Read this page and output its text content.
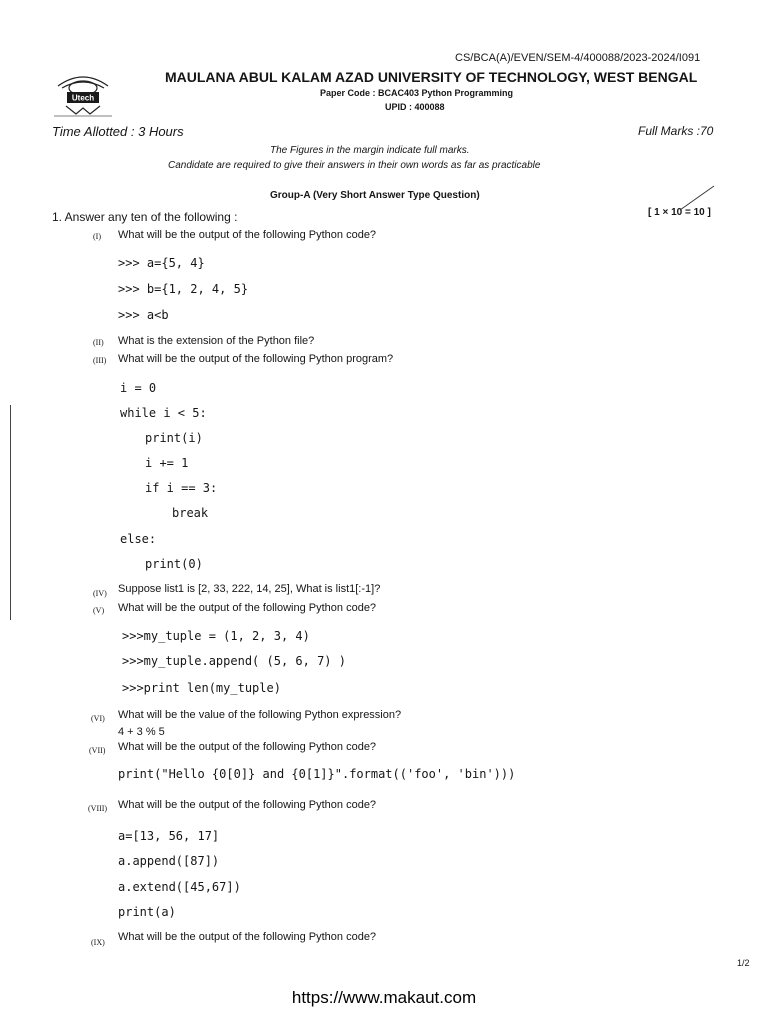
CS/BCA(A)/EVEN/SEM-4/400088/2023-2024/I091
Utech
MAULANA ABUL KALAM AZAD UNIVERSITY OF TECHNOLOGY, WEST BENGAL
Paper Code : BCAC403 Python Programming
UPID : 400088
Time Allotted : 3 Hours	Full Marks :70
The Figures in the margin indicate full marks.
Candidate are required to give their answers in their own words as far as practicable
Group-A (Very Short Answer Type Question)
1. Answer any ten of the following :	[ 1 × 10 = 10 ]
(I) What will be the output of the following Python code?
>>> a={5, 4}
>>> b={1, 2, 4, 5}
>>> a<b
(II) What is the extension of the Python file?
(III) What will be the output of the following Python program?
i = 0
while i < 5:
print(i)
i += 1
if i == 3:
break
else:
print(0)
(IV) Suppose list1 is [2, 33, 222, 14, 25], What is list1[:-1]?
(V) What will be the output of the following Python code?
>>>my_tuple = (1, 2, 3, 4)
>>>my_tuple.append( (5, 6, 7) )
>>>print len(my_tuple)
(VI) What will be the value of the following Python expression?
4 + 3 % 5
(VII) What will be the output of the following Python code?
print("Hello {0[0]} and {0[1]}".format(('foo', 'bin')))
(VIII) What will be the output of the following Python code?
a=[13, 56, 17]
a.append([87])
a.extend([45,67])
print(a)
(IX) What will be the output of the following Python code?
1/2
https://www.makaut.com
